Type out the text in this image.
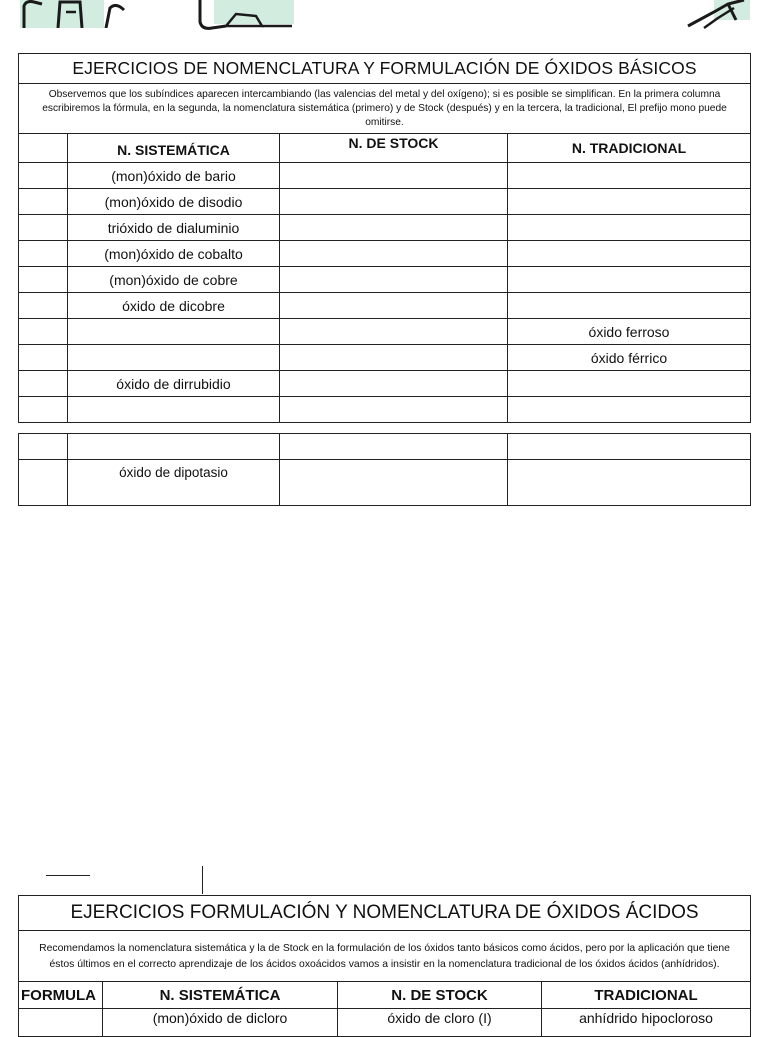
EJERCICIOS DE NOMENCLATURA Y FORMULACIÓN DE ÓXIDOS BÁSICOS			
Observemos que los subíndices aparecen intercambiando (las valencias del metal y del oxígeno); si es posible se simplifican. En la primera columna escribiremos la fórmula, en la segunda, la nomenclatura sistemática (primero) y de Stock (después) y en la tercera, la tradicional, El prefijo mono puede omitirse.			
	N. SISTEMÁTICA	N. DE STOCK	N. TRADICIONAL
	(mon)óxido de bario		
	(mon)óxido de disodio		
	trióxido de dialuminio		
	(mon)óxido de cobalto		
	(mon)óxido de cobre		
	óxido de dicobre		
			óxido ferroso
			óxido férrico
	óxido de dirrubidio		

	óxido de dipotasio		
EJERCICIOS FORMULACIÓN Y NOMENCLATURA DE ÓXIDOS ÁCIDOS			
Recomendamos la nomenclatura sistemática y la de Stock en la formulación de los óxidos tanto básicos como ácidos, pero por la aplicación que tiene éstos últimos en el correcto aprendizaje de los ácidos oxoácidos vamos a insistir en la nomenclatura tradicional de los óxidos ácidos (anhídridos).			
FORMULA	N. SISTEMÁTICA	N. DE STOCK	TRADICIONAL
	(mon)óxido de dicloro	óxido de cloro (I)	anhídrido hipocloroso
